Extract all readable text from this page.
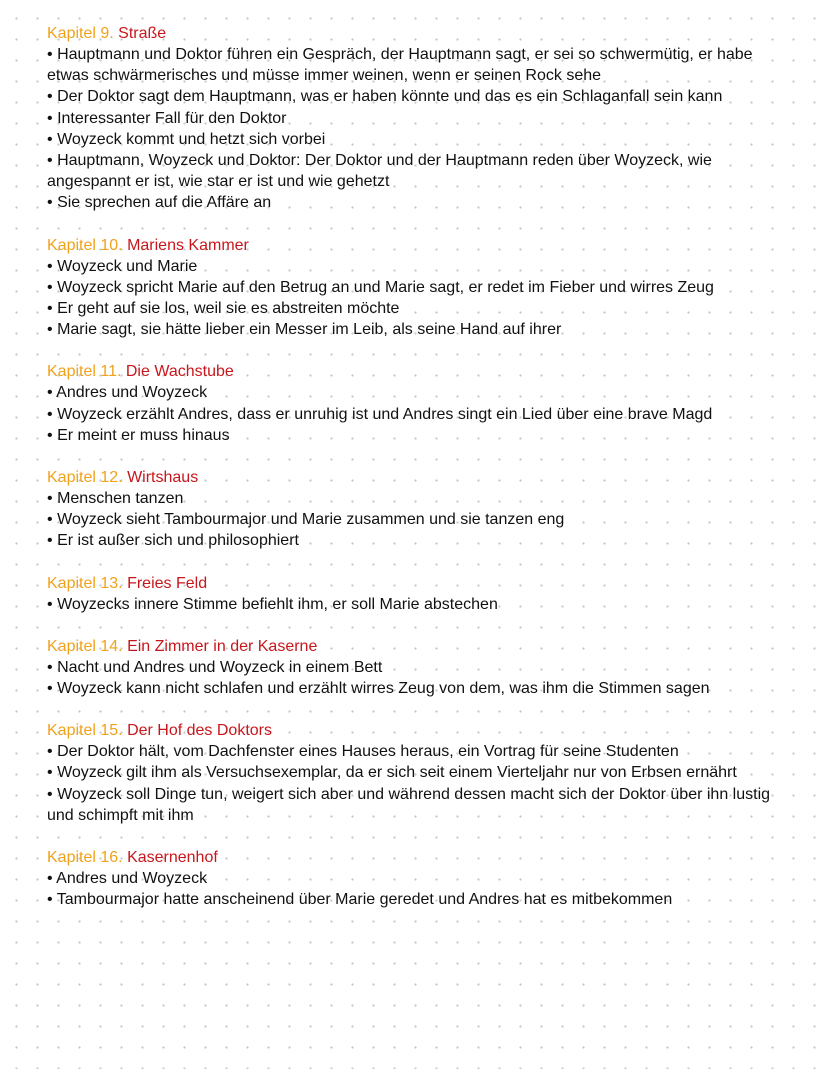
Kapitel 9. Straße
• Hauptmann und Doktor führen ein Gespräch, der Hauptmann sagt, er sei so schwermütig, er habe etwas schwärmerisches und müsse immer weinen, wenn er seinen Rock sehe
• Der Doktor sagt dem Hauptmann, was er haben könnte und das es ein Schlaganfall sein kann
• Interessanter Fall für den Doktor
• Woyzeck kommt und hetzt sich vorbei
• Hauptmann, Woyzeck und Doktor: Der Doktor und der Hauptmann reden über Woyzeck, wie angespannt er ist, wie star er ist und wie gehetzt
• Sie sprechen auf die Affäre an
Kapitel 10. Mariens Kammer
• Woyzeck und Marie
• Woyzeck spricht Marie auf den Betrug an und Marie sagt, er redet im Fieber und wirres Zeug
• Er geht auf sie los, weil sie es abstreiten möchte
• Marie sagt, sie hätte lieber ein Messer im Leib, als seine Hand auf ihrer
Kapitel 11. Die Wachstube
• Andres und Woyzeck
• Woyzeck erzählt Andres, dass er unruhig ist und Andres singt ein Lied über eine brave Magd
• Er meint er muss hinaus
Kapitel 12. Wirtshaus
• Menschen tanzen
• Woyzeck sieht Tambourmajor und Marie zusammen und sie tanzen eng
• Er ist außer sich und philosophiert
Kapitel 13. Freies Feld
• Woyzecks innere Stimme befiehlt ihm, er soll Marie abstechen
Kapitel 14. Ein Zimmer in der Kaserne
• Nacht und Andres und Woyzeck in einem Bett
• Woyzeck kann nicht schlafen und erzählt wirres Zeug von dem, was ihm die Stimmen sagen
Kapitel 15. Der Hof des Doktors
• Der Doktor hält, vom Dachfenster eines Hauses heraus, ein Vortrag für seine Studenten
• Woyzeck gilt ihm als Versuchsexemplar, da er sich seit einem Vierteljahr nur von Erbsen ernährt
• Woyzeck soll Dinge tun, weigert sich aber und während dessen macht sich der Doktor über ihn lustig und schimpft mit ihm
Kapitel 16. Kasernenhof
• Andres und Woyzeck
• Tambourmajor hatte anscheinend über Marie geredet und Andres hat es mitbekommen
